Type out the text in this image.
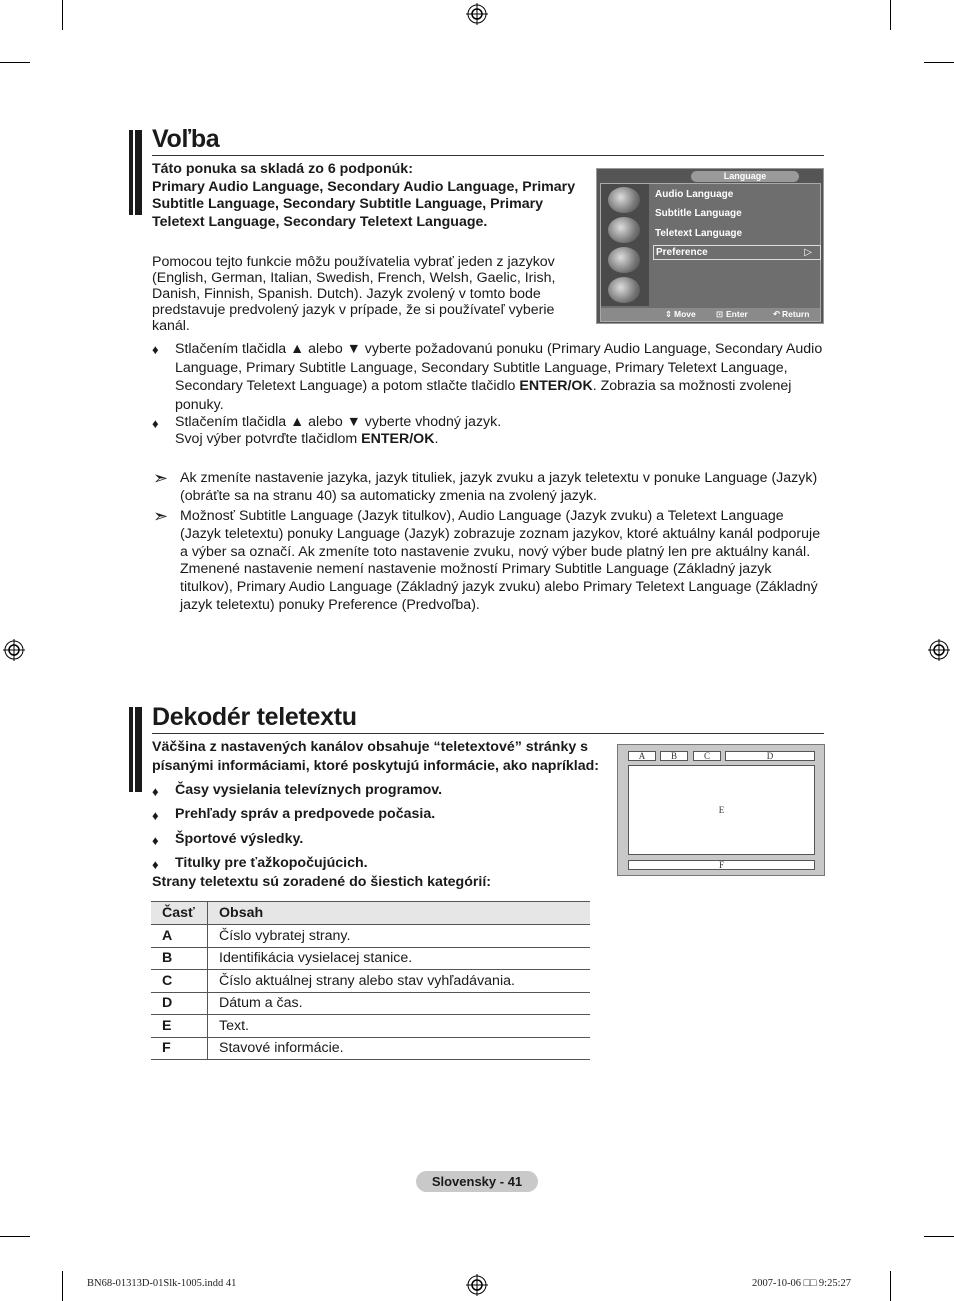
Voľba

Táto ponuka sa skladá zo 6 podponúk:
Primary Audio Language, Secondary Audio Language, Primary Subtitle Language, Secondary Subtitle Language, Primary Teletext Language, Secondary Teletext Language.

Pomocou tejto funkcie môžu používatelia vybrať jeden z jazykov (English, German, Italian, Swedish, French, Welsh, Gaelic, Irish, Danish, Finnish, Spanish. Dutch). Jazyk zvolený v tomto bode predstavuje predvolený jazyk v prípade, že si používateľ vyberie kanál.

Language
Audio Language
Subtitle Language
Teletext Language
Preference	▷
⇕ Move ⊡ Enter	↶ Return
♦ Stlačením tlačidla ▲ alebo ▼ vyberte požadovanú ponuku (Primary Audio Language, Secondary Audio Language, Primary Subtitle Language, Secondary Subtitle Language, Primary Teletext Language, Secondary Teletext Language) a potom stlačte tlačidlo ENTER/OK. Zobrazia sa možnosti zvolenej ponuky.

♦ Stlačením tlačidla ▲ alebo ▼ vyberte vhodný jazyk.

Svoj výber potvrďte tlačidlom ENTER/OK.

➣ Ak zmeníte nastavenie jazyka, jazyk tituliek, jazyk zvuku a jazyk teletextu v ponuke Language (Jazyk) (obráťte sa na stranu 40) sa automaticky zmenia na zvolený jazyk.

➣ Možnosť Subtitle Language (Jazyk titulkov), Audio Language (Jazyk zvuku) a Teletext Language (Jazyk teletextu) ponuky Language (Jazyk) zobrazuje zoznam jazykov, ktoré aktuálny kanál podporuje a výber sa označí. Ak zmeníte toto nastavenie zvuku, nový výber bude platný len pre aktuálny kanál. Zmenené nastavenie nemení nastavenie možností Primary Subtitle Language (Základný jazyk titulkov), Primary Audio Language (Základný jazyk zvuku) alebo Primary Teletext Language (Základný jazyk teletextu) ponuky Preference (Predvoľba).

Dekodér teletextu

Väčšina z nastavených kanálov obsahuje “teletextové” stránky s písanými informáciami, ktoré poskytujú informácie, ako napríklad:

♦ Časy vysielania televíznych programov.

♦ Prehľady správ a predpovede počasia.

♦ Športové výsledky.

♦ Titulky pre ťažkopočujúcich.

Strany teletextu sú zoradené do šiestich kategórií:

A	B	C	D
E
F
Časť	Obsah
A	Číslo vybratej strany.
B	Identifikácia vysielacej stanice.
C	Číslo aktuálnej strany alebo stav vyhľadávania.
D	Dátum a čas.
E	Text.
F	Stavové informácie.
Slovensky - 41
BN68-01313D-01Slk-1005.indd 41	2007-10-06 □□ 9:25:27
